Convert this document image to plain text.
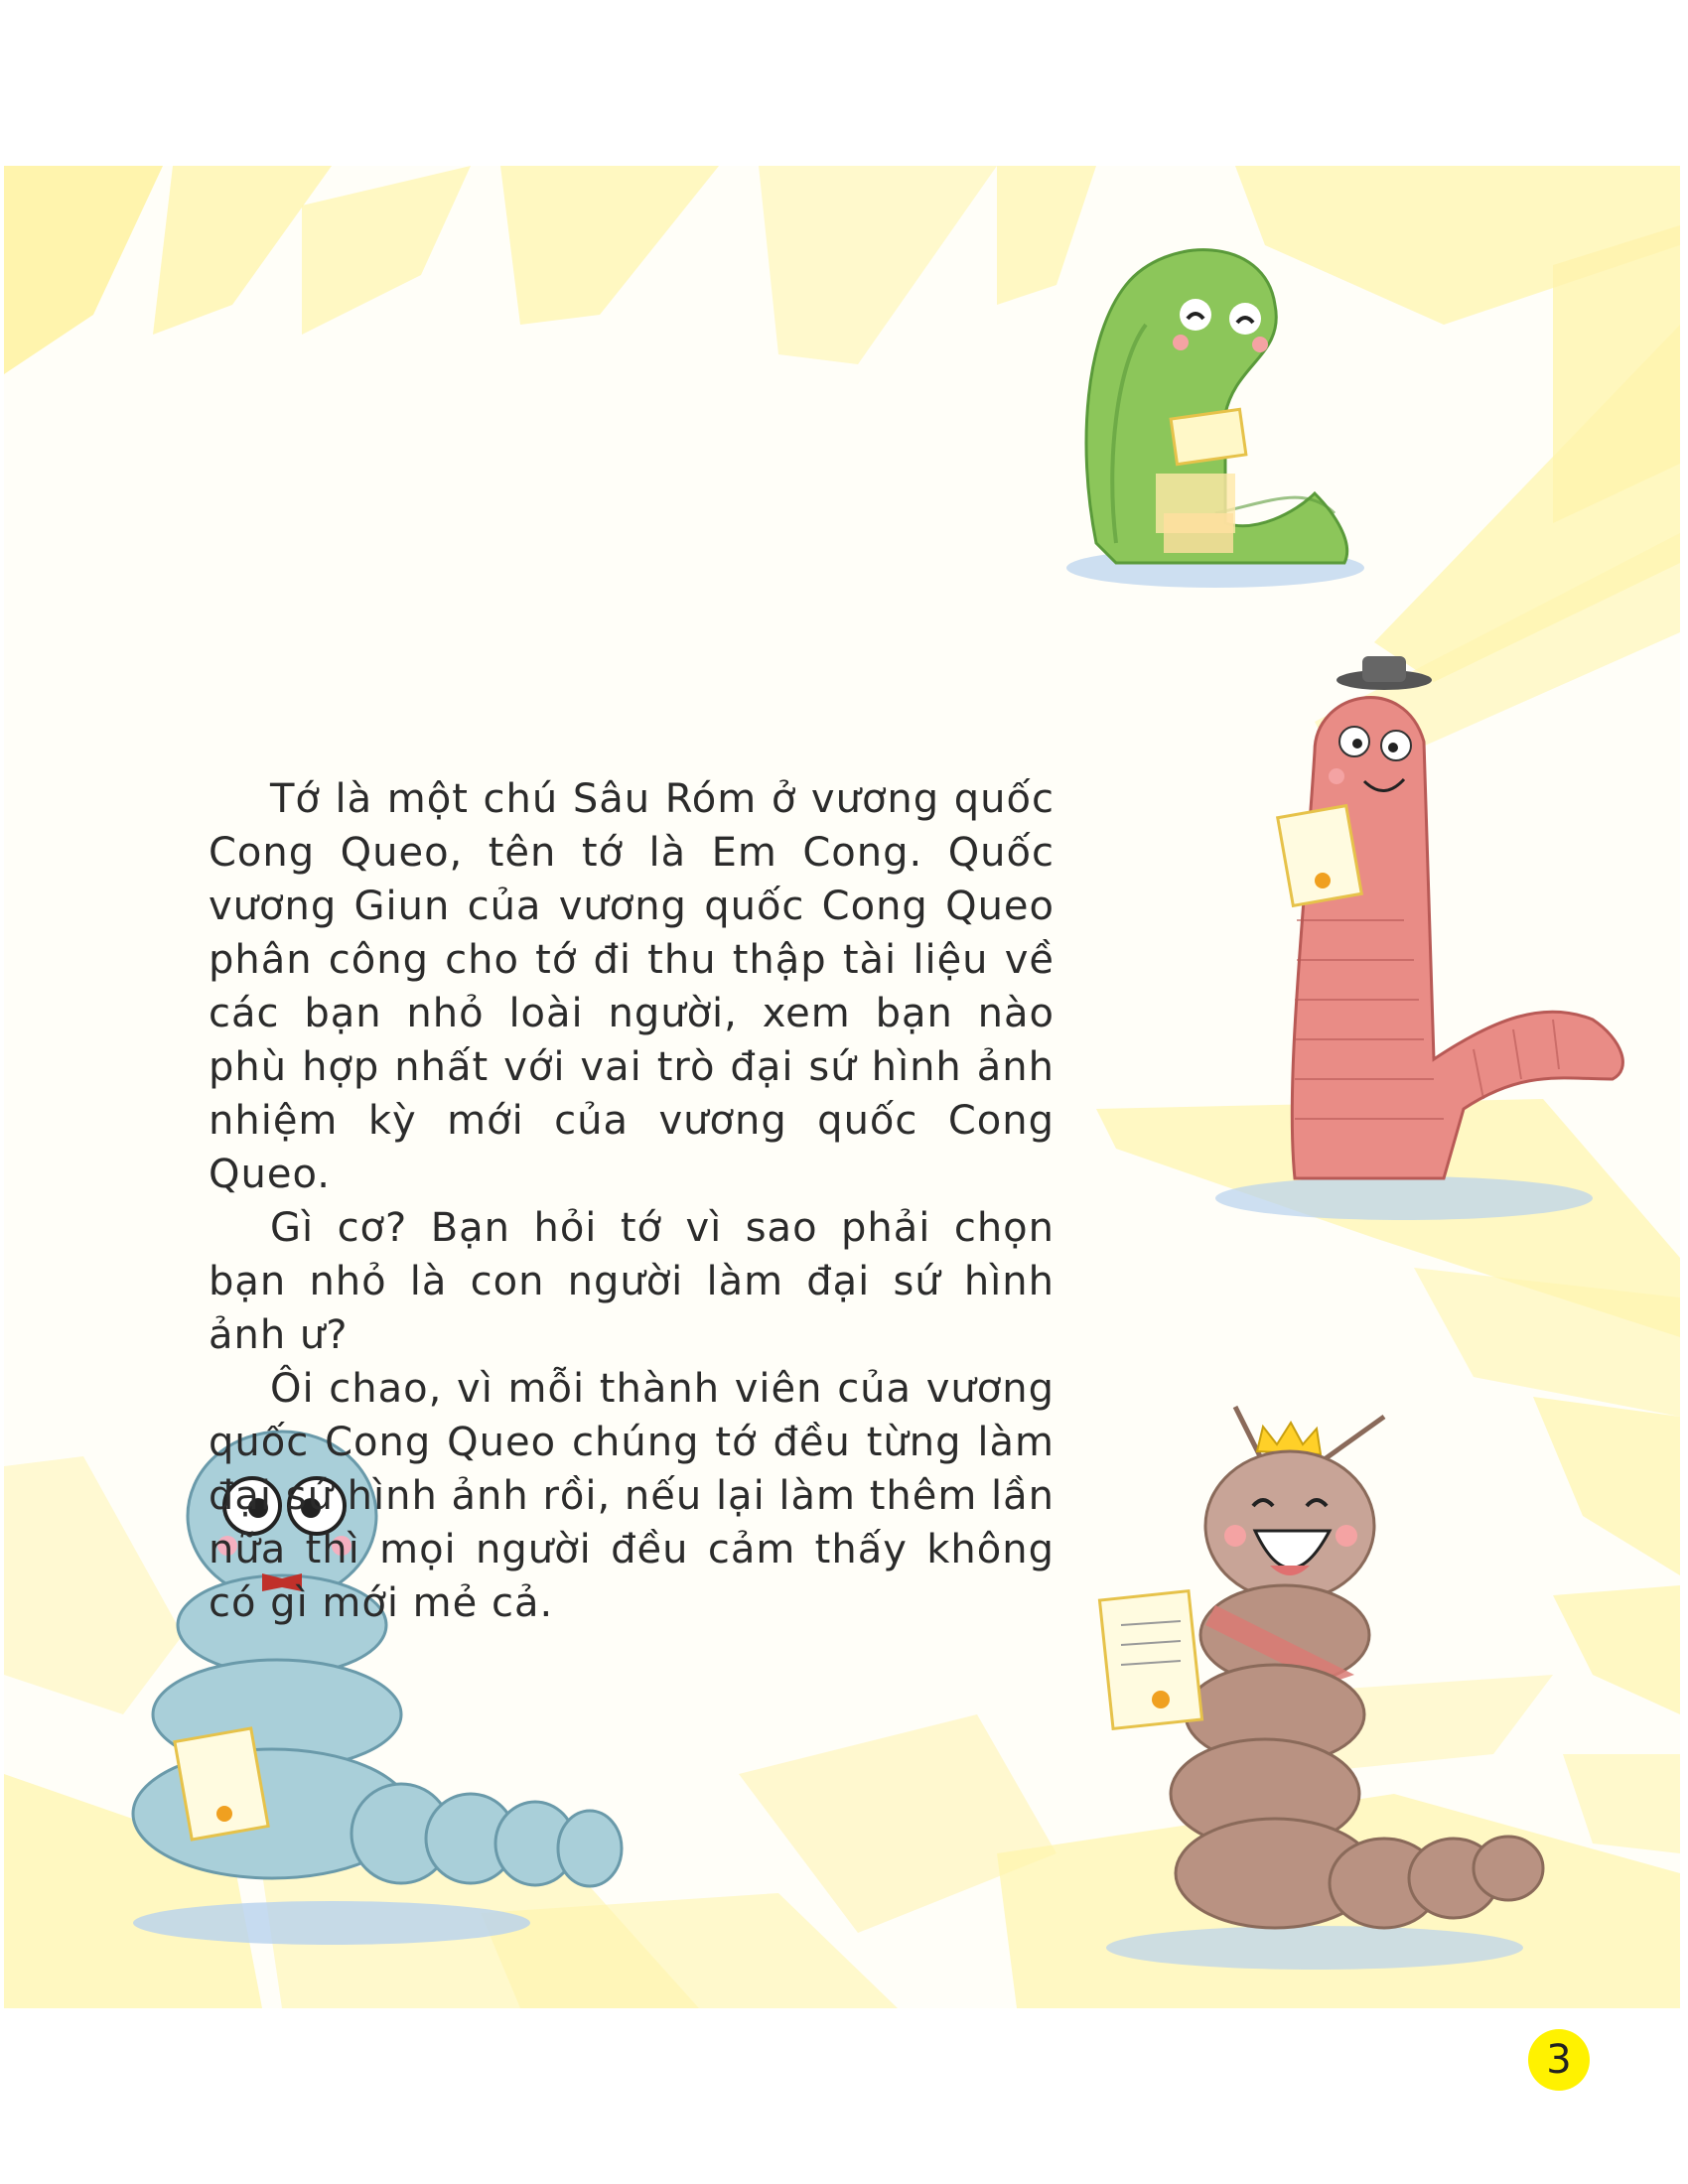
Tớ là một chú Sâu Róm ở vương quốc Cong Queo, tên tớ là Em Cong. Quốc vương Giun của vương quốc Cong Queo phân công cho tớ đi thu thập tài liệu về các bạn nhỏ loài người, xem bạn nào phù hợp nhất với vai trò đại sứ hình ảnh nhiệm kỳ mới của vương quốc Cong Queo.

Gì cơ? Bạn hỏi tớ vì sao phải chọn bạn nhỏ là con người làm đại sứ hình ảnh ư?

Ôi chao, vì mỗi thành viên của vương quốc Cong Queo chúng tớ đều từng làm đại sứ hình ảnh rồi, nếu lại làm thêm lần nữa thì mọi người đều cảm thấy không có gì mới mẻ cả.

3
